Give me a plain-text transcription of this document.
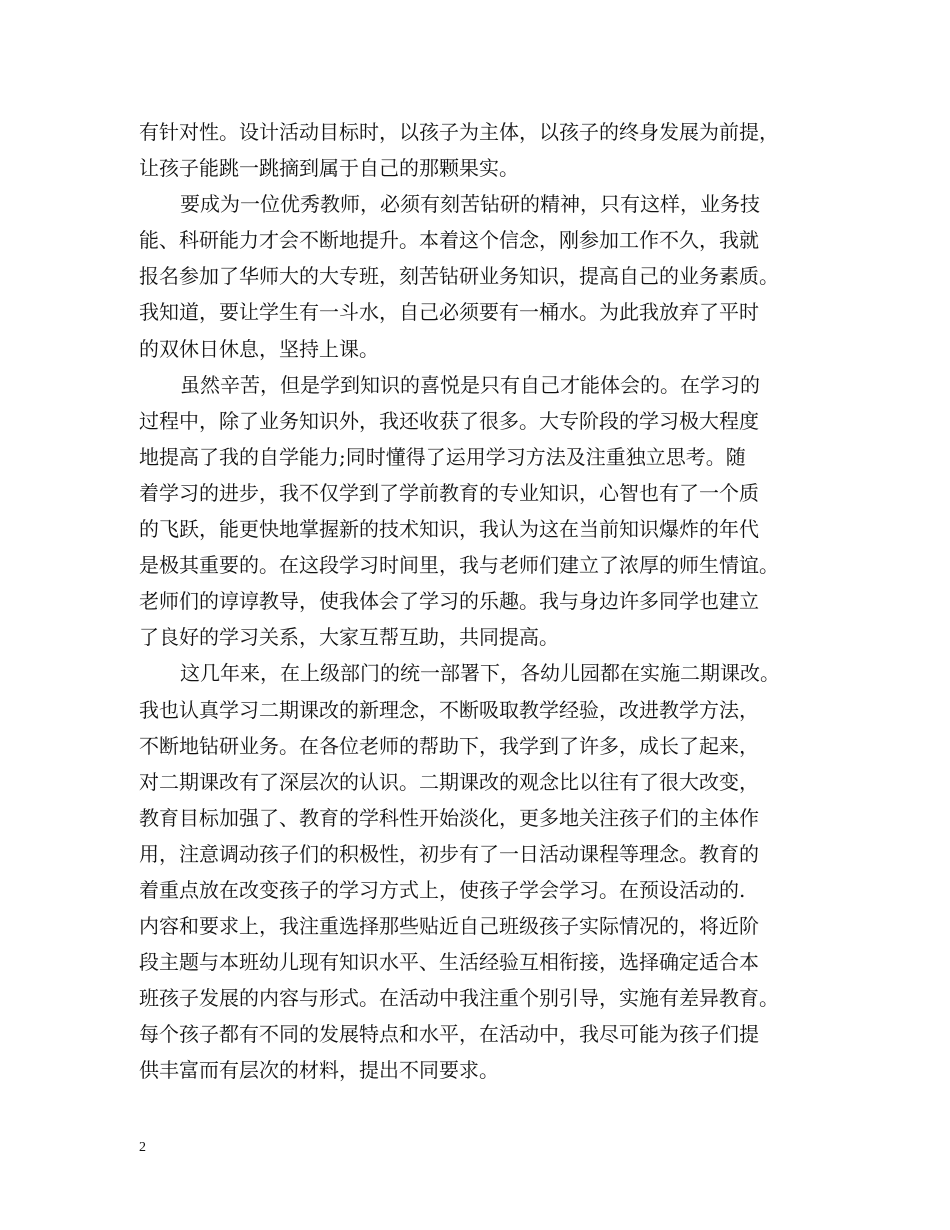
有针对性。设计活动目标时，以孩子为主体，以孩子的终身发展为前提，
让孩子能跳一跳摘到属于自己的那颗果实。
要成为一位优秀教师，必须有刻苦钻研的精神，只有这样，业务技
能、科研能力才会不断地提升。本着这个信念，刚参加工作不久，我就
报名参加了华师大的大专班，刻苦钻研业务知识，提高自己的业务素质。
我知道，要让学生有一斗水，自己必须要有一桶水。为此我放弃了平时
的双休日休息，坚持上课。
虽然辛苦，但是学到知识的喜悦是只有自己才能体会的。在学习的
过程中，除了业务知识外，我还收获了很多。大专阶段的学习极大程度
地提高了我的自学能力;同时懂得了运用学习方法及注重独立思考。随
着学习的进步，我不仅学到了学前教育的专业知识，心智也有了一个质
的飞跃，能更快地掌握新的技术知识，我认为这在当前知识爆炸的年代
是极其重要的。在这段学习时间里，我与老师们建立了浓厚的师生情谊。
老师们的谆谆教导，使我体会了学习的乐趣。我与身边许多同学也建立
了良好的学习关系，大家互帮互助，共同提高。
这几年来，在上级部门的统一部署下，各幼儿园都在实施二期课改。
我也认真学习二期课改的新理念，不断吸取教学经验，改进教学方法，
不断地钻研业务。在各位老师的帮助下，我学到了许多，成长了起来，
对二期课改有了深层次的认识。二期课改的观念比以往有了很大改变，
教育目标加强了、教育的学科性开始淡化，更多地关注孩子们的主体作
用，注意调动孩子们的积极性，初步有了一日活动课程等理念。教育的
着重点放在改变孩子的学习方式上，使孩子学会学习。在预设活动的.
内容和要求上，我注重选择那些贴近自己班级孩子实际情况的，将近阶
段主题与本班幼儿现有知识水平、生活经验互相衔接，选择确定适合本
班孩子发展的内容与形式。在活动中我注重个别引导，实施有差异教育。
每个孩子都有不同的发展特点和水平，在活动中，我尽可能为孩子们提
供丰富而有层次的材料，提出不同要求。
2
